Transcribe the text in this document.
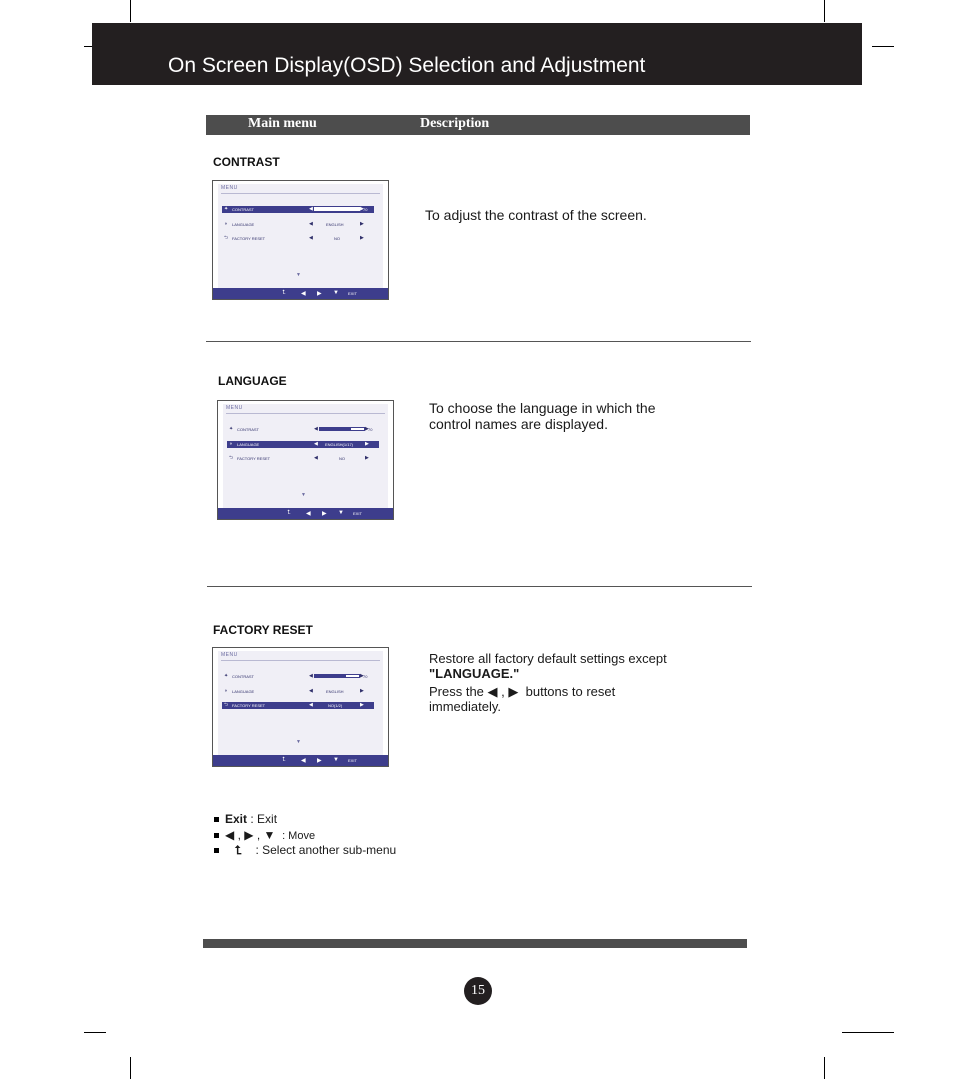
On Screen Display(OSD) Selection and Adjustment
Main menu	Description
CONTRAST
MENU
✦ CONTRAST	◀	▶ 70
◑ LANGUAGE	◀	ENGLISH	▶
⮌ FACTORY RESET	◀	NO	▶
▼
⮤	◀ ▶ ▼ EXIT
To adjust the contrast of the screen.
LANGUAGE
MENU
✦ CONTRAST	◀	▶ 70
◑ LANGUAGE	◀ ENGLISH(1/17) ▶
⮌ FACTORY RESET	◀	NO	▶
▼
⮤	◀ ▶ ▼ EXIT
To choose the language in which the
control names are displayed.
FACTORY RESET
MENU
✦ CONTRAST	◀	▶ 70
◑ LANGUAGE	◀	ENGLISH	▶
⮌ FACTORY RESET	◀	NO(1/2)	▶
▼
⮤	◀ ▶ ▼ EXIT
Restore all factory default settings except
"LANGUAGE."
Press the ◀ , ▶ buttons to reset
immediately.
Exit : Exit
◀ , ▶ , ▼ : Move
⮤ : Select another sub-menu
15
